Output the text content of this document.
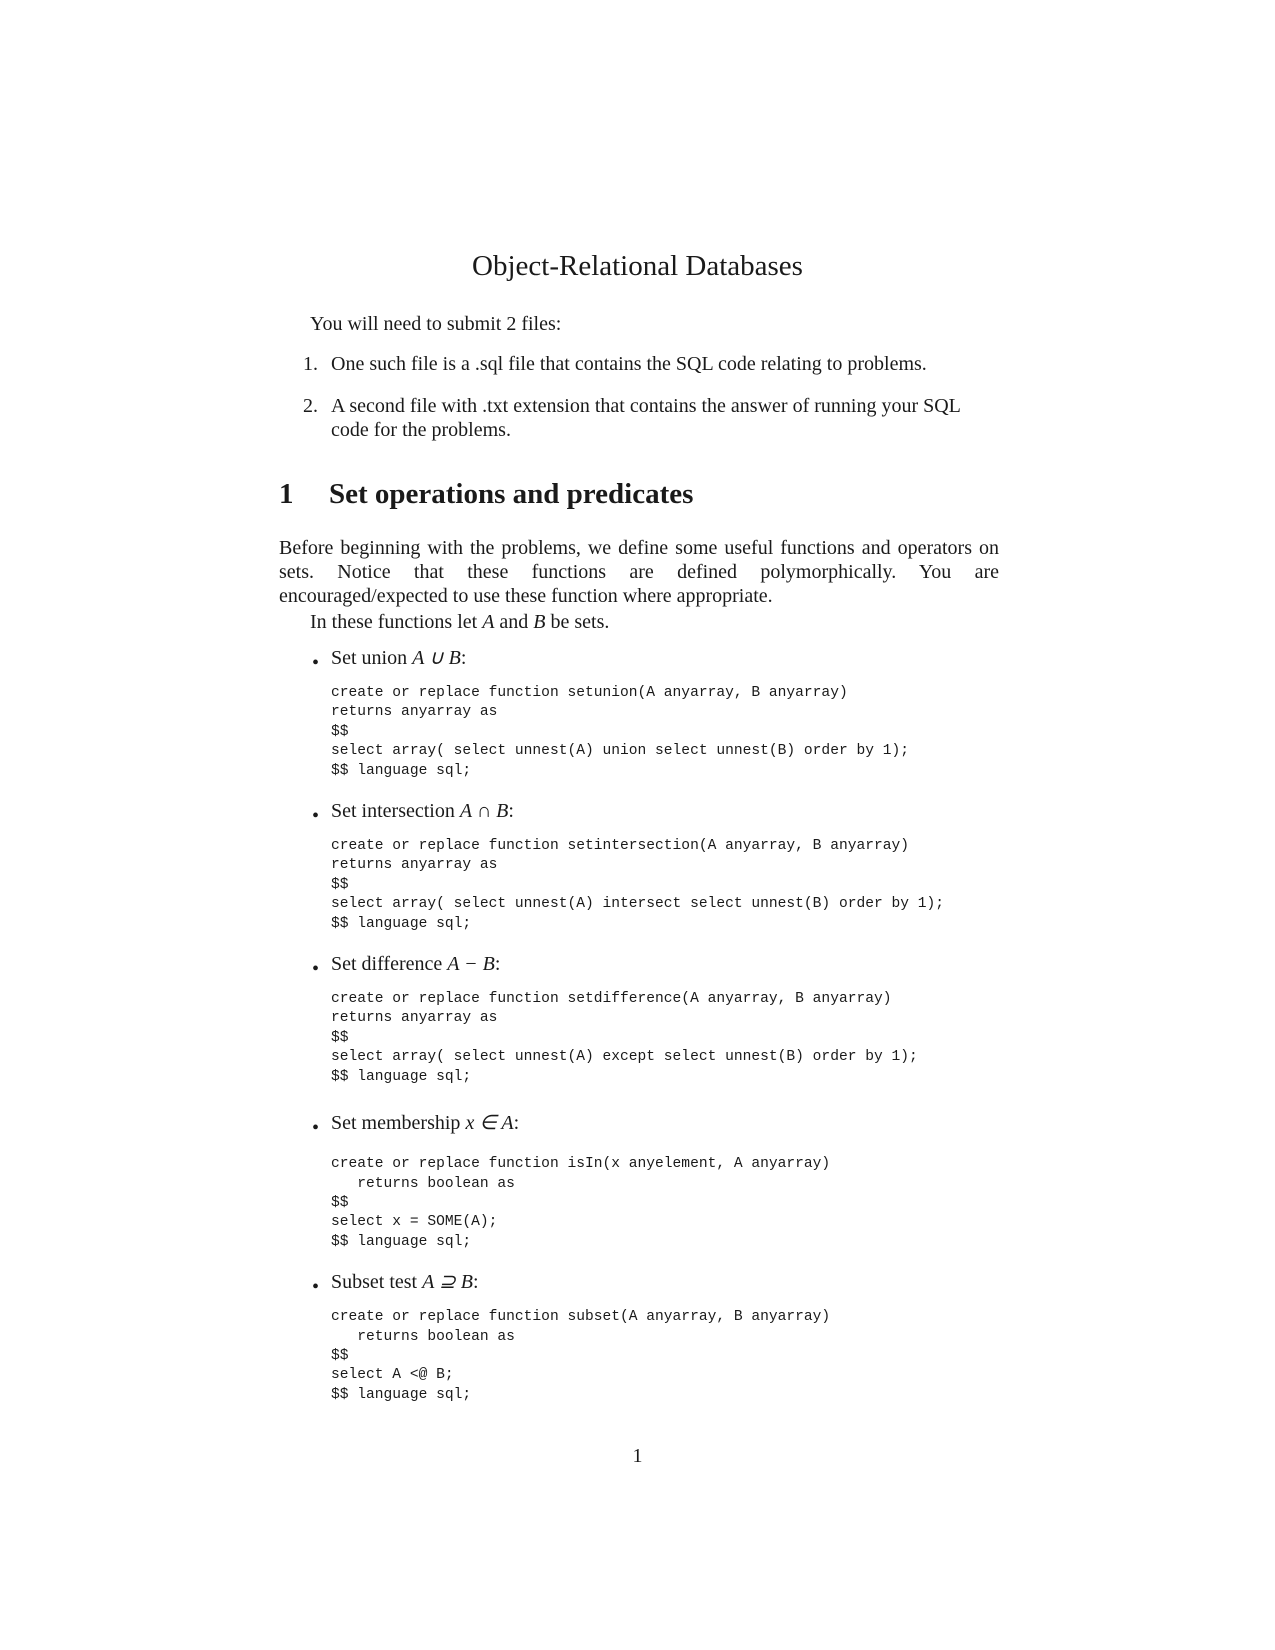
Object-Relational Databases

You will need to submit 2 files:

1. One such file is a .sql file that contains the SQL code relating to problems.
2. A second file with .txt extension that contains the answer of running your SQL code for the problems.
1 Set operations and predicates

Before beginning with the problems, we define some useful functions and operators on sets. Notice that these functions are defined polymorphically. You are encouraged/expected to use these function where appropriate.

In these functions let A and B be sets.

• Set union A ∪ B:

create or replace function setunion(A anyarray, B anyarray)
returns anyarray as
$$
select array( select unnest(A) union select unnest(B) order by 1);
$$ language sql;
• Set intersection A ∩ B:

create or replace function setintersection(A anyarray, B anyarray)
returns anyarray as
$$
select array( select unnest(A) intersect select unnest(B) order by 1);
$$ language sql;
• Set difference A − B:

create or replace function setdifference(A anyarray, B anyarray)
returns anyarray as
$$
select array( select unnest(A) except select unnest(B) order by 1);
$$ language sql;
• Set membership x ∈ A:

create or replace function isIn(x anyelement, A anyarray)
returns boolean as
$$
select x = SOME(A);
$$ language sql;
• Subset test A ⊇ B:

create or replace function subset(A anyarray, B anyarray)
returns boolean as
$$
select A <@ B;
$$ language sql;
1
